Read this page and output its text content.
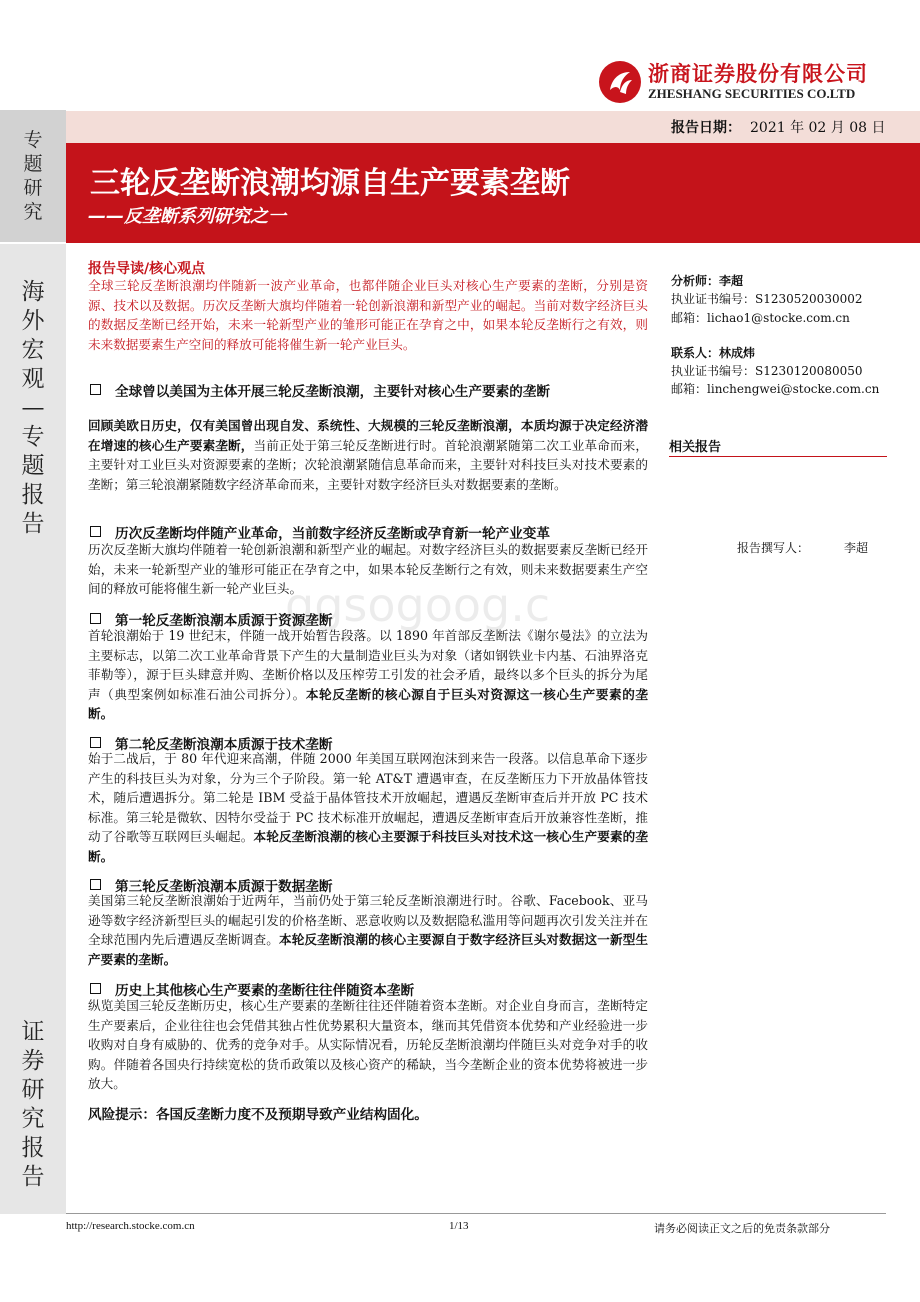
专
题
研
究
海
外
宏
观
—
专
题
报
告
证
券
研
究
报
告
浙商证券股份有限公司
ZHESHANG SECURITIES CO.LTD
报告日期： 2021 年 02 月 08 日
三轮反垄断浪潮均源自生产要素垄断
——反垄断系列研究之一
报告导读/核心观点

全球三轮反垄断浪潮均伴随新一波产业革命，也都伴随企业巨头对核心生产要素的垄断，分别是资源、技术以及数据。历次反垄断大旗均伴随着一轮创新浪潮和新型产业的崛起。当前对数字经济巨头的数据反垄断已经开始，未来一轮新型产业的雏形可能正在孕育之中，如果本轮反垄断行之有效，则未来数据要素生产空间的释放可能将催生新一轮产业巨头。

全球曾以美国为主体开展三轮反垄断浪潮，主要针对核心生产要素的垄断

回顾美欧日历史，仅有美国曾出现自发、系统性、大规模的三轮反垄断浪潮，本质均源于决定经济潜在增速的核心生产要素垄断，当前正处于第三轮反垄断进行时。首轮浪潮紧随第二次工业革命而来，主要针对工业巨头对资源要素的垄断；次轮浪潮紧随信息革命而来，主要针对科技巨头对技术要素的垄断；第三轮浪潮紧随数字经济革命而来，主要针对数字经济巨头对数据要素的垄断。

历次反垄断均伴随产业革命，当前数字经济反垄断或孕育新一轮产业变革

历次反垄断大旗均伴随着一轮创新浪潮和新型产业的崛起。对数字经济巨头的数据要素反垄断已经开始，未来一轮新型产业的雏形可能正在孕育之中，如果本轮反垄断行之有效，则未来数据要素生产空间的释放可能将催生新一轮产业巨头。

第一轮反垄断浪潮本质源于资源垄断

首轮浪潮始于 19 世纪末，伴随一战开始暂告段落。以 1890 年首部反垄断法《谢尔曼法》的立法为主要标志，以第二次工业革命背景下产生的大量制造业巨头为对象（诸如钢铁业卡内基、石油界洛克菲勒等），源于巨头肆意并购、垄断价格以及压榨劳工引发的社会矛盾，最终以多个巨头的拆分为尾声（典型案例如标准石油公司拆分）。本轮反垄断的核心源自于巨头对资源这一核心生产要素的垄断。

第二轮反垄断浪潮本质源于技术垄断

始于二战后，于 80 年代迎来高潮，伴随 2000 年美国互联网泡沫到来告一段落。以信息革命下逐步产生的科技巨头为对象，分为三个子阶段。第一轮 AT&T 遭遇审查，在反垄断压力下开放晶体管技术，随后遭遇拆分。第二轮是 IBM 受益于晶体管技术开放崛起，遭遇反垄断审查后并开放 PC 技术标准。第三轮是微软、因特尔受益于 PC 技术标准开放崛起，遭遇反垄断审查后开放兼容性垄断，推动了谷歌等互联网巨头崛起。本轮反垄断浪潮的核心主要源于科技巨头对技术这一核心生产要素的垄断。

第三轮反垄断浪潮本质源于数据垄断

美国第三轮反垄断浪潮始于近两年，当前仍处于第三轮反垄断浪潮进行时。谷歌、Facebook、亚马逊等数字经济新型巨头的崛起引发的价格垄断、恶意收购以及数据隐私滥用等问题再次引发关注并在全球范围内先后遭遇反垄断调查。本轮反垄断浪潮的核心主要源自于数字经济巨头对数据这一新型生产要素的垄断。

历史上其他核心生产要素的垄断往往伴随资本垄断

纵览美国三轮反垄断历史，核心生产要素的垄断往往还伴随着资本垄断。对企业自身而言，垄断特定生产要素后，企业往往也会凭借其独占性优势累积大量资本，继而其凭借资本优势和产业经验进一步收购对自身有威胁的、优秀的竞争对手。从实际情况看，历轮反垄断浪潮均伴随巨头对竞争对手的收购。伴随着各国央行持续宽松的货币政策以及核心资产的稀缺，当今垄断企业的资本优势将被进一步放大。

风险提示：各国反垄断力度不及预期导致产业结构固化。
分析师：李超
执业证书编号：S1230520030002
邮箱：lichao1@stocke.com.cn
联系人：林成炜
执业证书编号：S1230120080050
邮箱：linchengwei@stocke.com.cn
相关报告
报告撰写人：	李超
ggsogoog.c
http://research.stocke.com.cn	1/13	请务必阅读正文之后的免责条款部分
